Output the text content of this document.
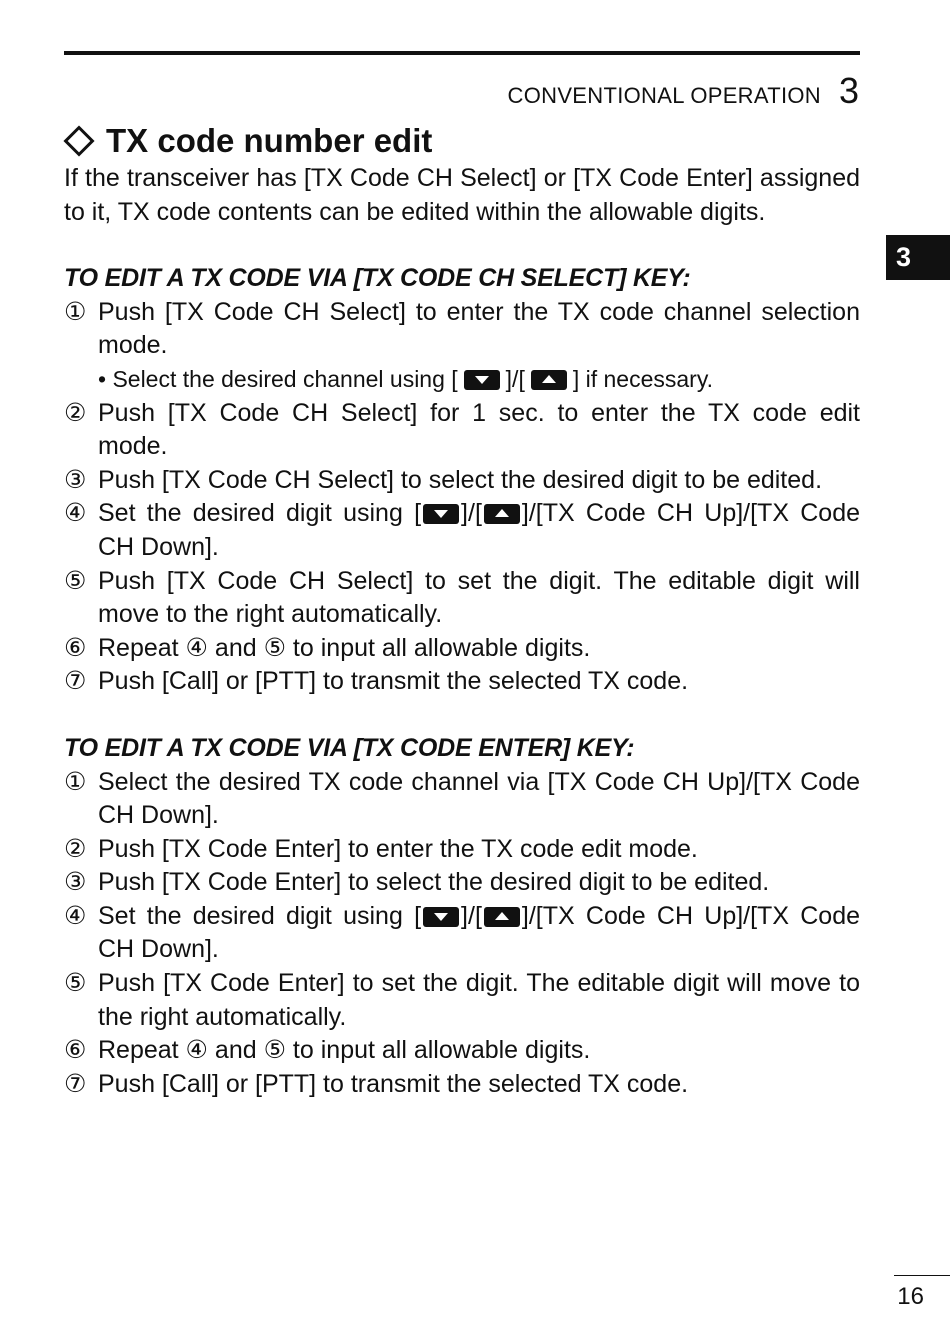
CONVENTIONAL OPERATION 3
3
TX code number edit

If the transceiver has [TX Code CH Select] or [TX Code Enter] assigned to it, TX code contents can be edited within the allowable digits.

TO EDIT A TX CODE VIA [TX CODE CH SELECT] KEY:
① Push [TX Code CH Select] to enter the TX code channel selection mode.
• Select the desired channel using [ ]/[ ] if necessary.
② Push [TX Code CH Select] for 1 sec. to enter the TX code edit mode.
③ Push [TX Code CH Select] to select the desired digit to be edited.
④ Set the desired digit using [ ]/[ ]/[TX Code CH Up]/[TX Code CH Down].
⑤ Push [TX Code CH Select] to set the digit. The editable digit will move to the right automatically.
⑥ Repeat ④ and ⑤ to input all allowable digits.
⑦ Push [Call] or [PTT] to transmit the selected TX code.
TO EDIT A TX CODE VIA [TX CODE ENTER] KEY:
① Select the desired TX code channel via [TX Code CH Up]/[TX Code CH Down].
② Push [TX Code Enter] to enter the TX code edit mode.
③ Push [TX Code Enter] to select the desired digit to be edited.
④ Set the desired digit using [ ]/[ ]/[TX Code CH Up]/[TX Code CH Down].
⑤ Push [TX Code Enter] to set the digit. The editable digit will move to the right automatically.
⑥ Repeat ④ and ⑤ to input all allowable digits.
⑦ Push [Call] or [PTT] to transmit the selected TX code.
16
